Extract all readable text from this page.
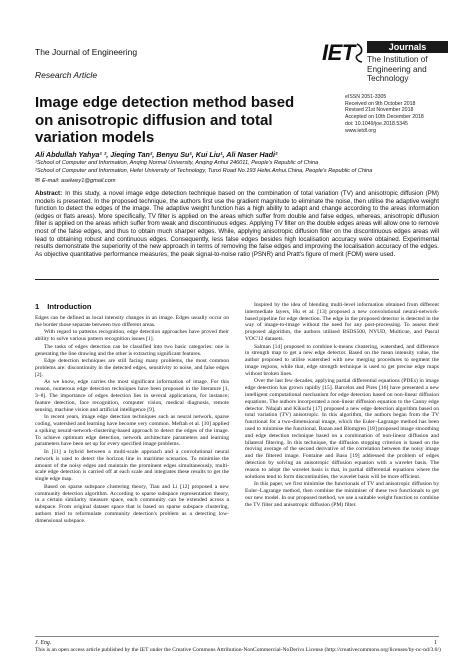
The Journal of Engineering
Research Article
IET	Journals
The Institution of
Engineering and Technology
Image edge detection method based on anisotropic diffusion and total variation models
eISSN 2051-3305
Received on 9th October 2018
Revised 21st November 2018
Accepted on 10th December 2018
doi: 10.1049/joe.2018.5345
www.ietdl.org
Ali Abdullah Yahya¹ ², Jieqing Tan², Benyu Su¹, Kui Liu¹, Ali Naser Hadi²
¹School of Computer and Information, Anqing Normal University, Anqing Anhui 246011, People's Republic of China
²School of Computer and Information, Hefei University of Technology, Tunxi Road No.193 Hefei.Anhui.China, People's Republic of China
✉ E-mail: aselwey1@gmail.com
Abstract: In this study, a novel image edge detection technique based on the combination of total variation (TV) and anisotropic diffusion (PM) models is presented. In the proposed technique, the authors first use the gradient magnitude to eliminate the noise, then utilise the adaptive weight function to detect the edges of the image. The adaptive weight function has a high ability to adapt and change according to the areas information (edges or flats areas). More specifically, TV filter is applied on the areas which suffer from double and false edges, whereas, anisotropic diffusion filter is applied on the areas which suffer from weak and discontinuous edges. Applying TV filter on the double edges areas will allow one to remove most of the false edges, and thus to obtain much sharper edges. While, applying anisotropic diffusion filter on the discontinuous edges areas will lead to obtaining robust and continuous edges. Consequently, less false edges besides high localisation accuracy were obtained. Experimental results demonstrate the superiority of the new approach in terms of removing the false edges and improving the localisation accuracy of the edges. As objective quantitative performance measures, the peak signal-to-noise ratio (PSNR) and Pratt's figure of merit (FOM) were used.
1 Introduction

Edges can be defined as local intensity changes in an image. Edges usually occur on the border those separate between two different areas.

With regard to patterns recognition, edge detection approaches have proved their ability to solve various pattern recognition issues [1].

The tasks of edges detection can be classified into two basic categories: one is generating the line drawing and the other is extracting significant features.

Edge detection techniques are still facing many problems, the most common problems are: discontinuity in the detected edges, sensitivity to noise, and false edges [2].

As we know, edge carries the most significant information of image. For this reason, numerous edge detection techniques have been proposed in the literature [1, 3–8]. The importance of edges detection lies in several applications, for instance; feature detection, face recognition, computer vision, medical diagnosis, remote sensing, machine vision and artificial intelligence [9].

In recent years, image edge detection techniques such as neural network, sparse coding, watershed and learning have become very common. Meftah et al. [10] applied a spiking neural-network-clustering-based approach to detect the edges of the image. To achieve optimum edge detection, network architecture parameters and learning parameters have been set up for every specified image problems.

In [11] a hybrid between a multi-scale approach and a convolutional neural network is used to detect the horizon line in maritime scenarios. To minimise the amount of the noisy edges and maintain the prominent edges simultaneously, multi-scale edge detection is carried off at each scale and integrates these results to get the single edge map.

Based on sparse subspace clustering theory, Tian and Li [12] proposed a new community detection algorithm. According to sparse subspace representation theory, in a certain similarity measure space, each community can be extended across a subspace. From original dataset space that is based on sparse subspace clustering, authors tried to reformulate community detection's problem as a detecting low-dimensional subspace.

Inspired by the idea of blending multi-level information obtained from different intermediate layers, Hu et al. [13] proposed a new convolutional neural-network-based pipeline for edge detection. The edge in the proposed detector is detected in the way of image-to-image without the need for any post-processing. To assess their proposed algorithm, the authors utilised BSDS500, NYUD, Multicue, and Pascal VOC'12 datasets.

Salman [14] proposed to combine k-means clustering, watershed, and difference in strength map to get a new edge detector. Based on the mean intensity value, the author proposed to utilise watershed with new merging procedures to segment the image regions, while that, edge strength technique is used to get precise edge maps without broken lines.

Over the last few decades, applying partial differential equations (PDEs) in image edge detection has grown rapidly [15]. Barcelos and Pires [16] have presented a new intelligent computational mechanism for edge detection based on non-linear diffusion equations. The authors incorporated a non-linear diffusion equation to the Canny edge detector. Ndajah and Kikuchi [17] proposed a new edge detection algorithm based on total variation (TV) anisotropic. In this algorithm, the authors began from the TV functional for a two-dimensional image, which the Euler–Lagrange method has been used to minimise the functional. Bazan and Blomgren [18] proposed image smoothing and edge detection technique based on a combination of non-linear diffusion and bilateral filtering. In this technique, the diffusion stopping criterion is based on the moving average of the second derivative of the correlation between the noisy image and the filtered image. Fontaine and Basu [19] addressed the problem of edges detection by solving an anisotropic diffusion equation with a wavelet basis. The reason to adopt the wavelet basis is that, in partial differential equations where the solutions tend to form discontinuities, the wavelet basis will be more efficient.

In this paper, we first minimise the functionals of TV and anisotropic diffusion by Euler–Lagrange method, then combine the minimiser of these two functionals to get our new model. In our proposed method, we use a suitable weight function to combine the TV filter and anisotropic diffusion (PM) filter.

J. Eng.	1
This is an open access article published by the IET under the Creative Commons Attribution-NonCommercial-NoDerivs License (http://creativecommons.org/licenses/by-nc-nd/3.0/)
